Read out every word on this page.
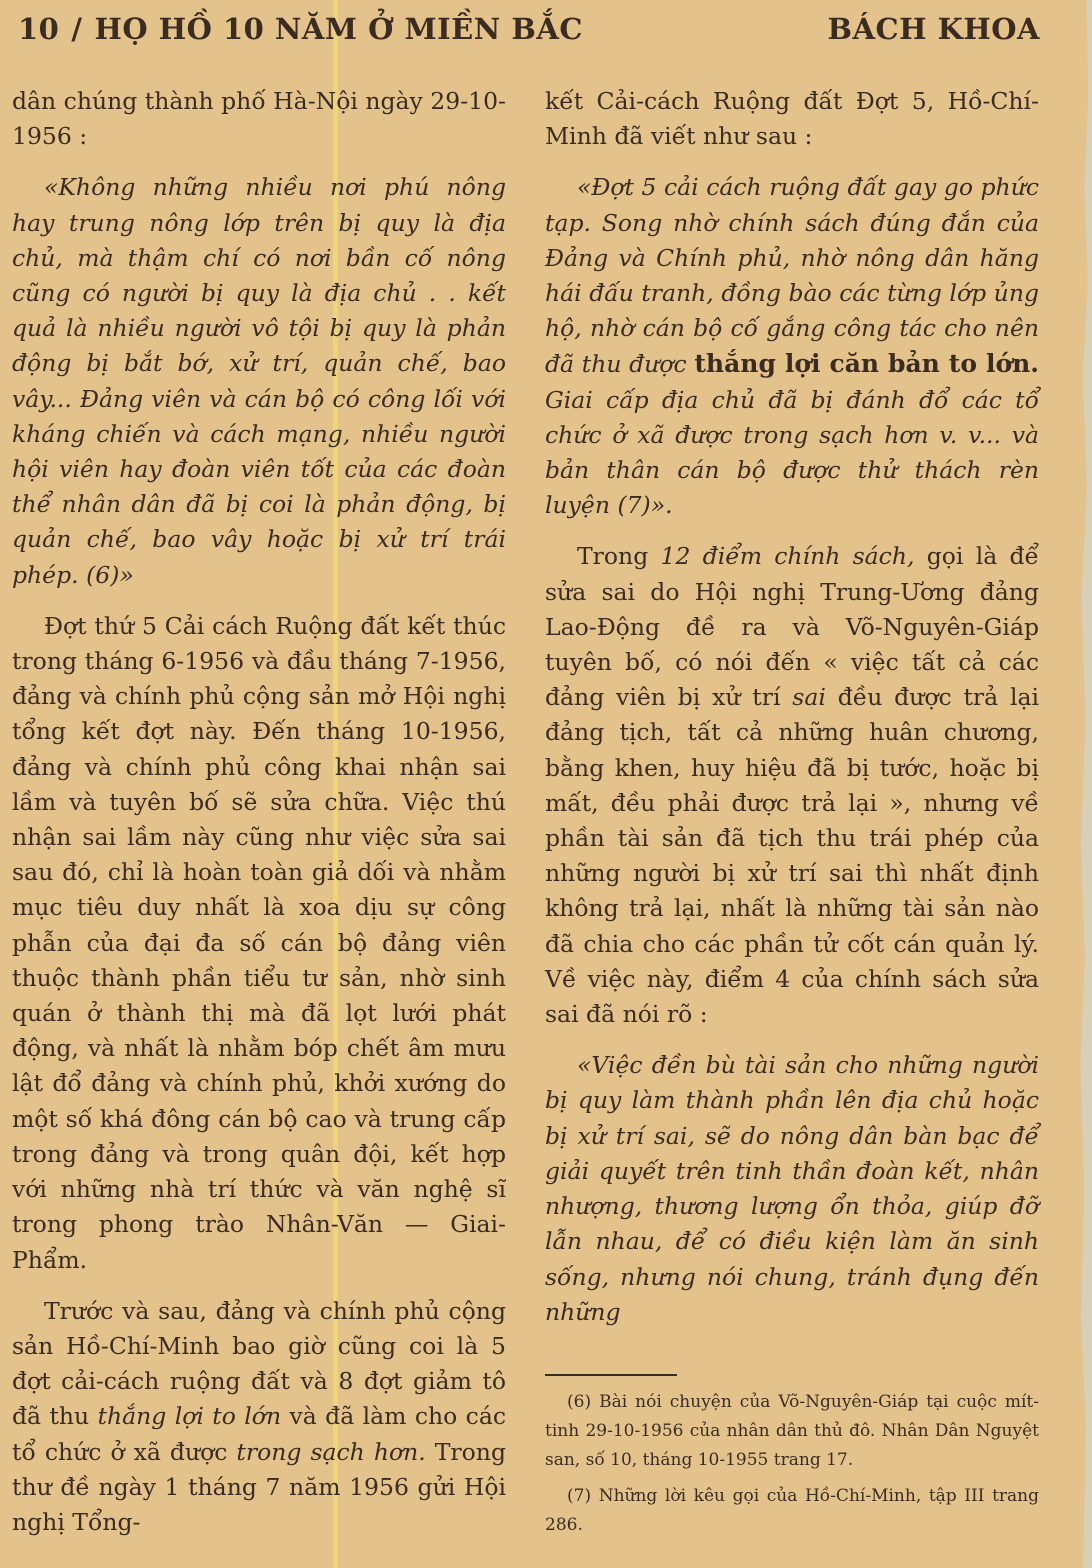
10 / HỌ HỒ 10 NĂM Ở MIỀN BẮC	BÁCH KHOA

dân chúng thành phố Hà-Nội ngày 29-10-1956 :

«Không những nhiều nơi phú nông hay trung nông lớp trên bị quy là địa chủ, mà thậm chí có nơi bần cố nông cũng có người bị quy là địa chủ . . kết quả là nhiều người vô tội bị quy là phản động bị bắt bớ, xử trí, quản chế, bao vây... Đảng viên và cán bộ có công lối với kháng chiến và cách mạng, nhiều người hội viên hay đoàn viên tốt của các đoàn thể nhân dân đã bị coi là phản động, bị quản chế, bao vây hoặc bị xử trí trái phép. (6)»

Đợt thứ 5 Cải cách Ruộng đất kết thúc trong tháng 6-1956 và đầu tháng 7-1956, đảng và chính phủ cộng sản mở Hội nghị tổng kết đợt này. Đến tháng 10-1956, đảng và chính phủ công khai nhận sai lầm và tuyên bố sẽ sửa chữa. Việc thú nhận sai lầm này cũng như việc sửa sai sau đó, chỉ là hoàn toàn giả dối và nhằm mục tiêu duy nhất là xoa dịu sự công phẫn của đại đa số cán bộ đảng viên thuộc thành phần tiểu tư sản, nhờ sinh quán ở thành thị mà đã lọt lưới phát động, và nhất là nhằm bóp chết âm mưu lật đổ đảng và chính phủ, khởi xướng do một số khá đông cán bộ cao và trung cấp trong đảng và trong quân đội, kết hợp với những nhà trí thức và văn nghệ sĩ trong phong trào Nhân-Văn — Giai-Phẩm.

Trước và sau, đảng và chính phủ cộng sản Hồ-Chí-Minh bao giờ cũng coi là 5 đợt cải-cách ruộng đất và 8 đợt giảm tô đã thu thắng lợi to lớn và đã làm cho các tổ chức ở xã được trong sạch hơn. Trong thư đề ngày 1 tháng 7 năm 1956 gửi Hội nghị Tổng-

kết Cải-cách Ruộng đất Đợt 5, Hồ-Chí-Minh đã viết như sau :

«Đợt 5 cải cách ruộng đất gay go phức tạp. Song nhờ chính sách đúng đắn của Đảng và Chính phủ, nhờ nông dân hăng hái đấu tranh, đồng bào các từng lớp ủng hộ, nhờ cán bộ cố gắng công tác cho nên đã thu được thắng lợi căn bản to lớn. Giai cấp địa chủ đã bị đánh đổ các tổ chức ở xã được trong sạch hơn v. v... và bản thân cán bộ được thử thách rèn luyện (7)».

Trong 12 điểm chính sách, gọi là để sửa sai do Hội nghị Trung-Ương đảng Lao-Động đề ra và Võ-Nguyên-Giáp tuyên bố, có nói đến « việc tất cả các đảng viên bị xử trí sai đều được trả lại đảng tịch, tất cả những huân chương, bằng khen, huy hiệu đã bị tước, hoặc bị mất, đều phải được trả lại », nhưng về phần tài sản đã tịch thu trái phép của những người bị xử trí sai thì nhất định không trả lại, nhất là những tài sản nào đã chia cho các phần tử cốt cán quản lý. Về việc này, điểm 4 của chính sách sửa sai đã nói rõ :

«Việc đền bù tài sản cho những người bị quy làm thành phần lên địa chủ hoặc bị xử trí sai, sẽ do nông dân bàn bạc để giải quyết trên tinh thần đoàn kết, nhân nhượng, thương lượng ổn thỏa, giúp đỡ lẫn nhau, để có điều kiện làm ăn sinh sống, nhưng nói chung, tránh đụng đến những

(6) Bài nói chuyện của Võ-Nguyên-Giáp tại cuộc mít-tinh 29-10-1956 của nhân dân thủ đô. Nhân Dân Nguyệt san, số 10, tháng 10-1955 trang 17.

(7) Những lời kêu gọi của Hồ-Chí-Minh, tập III trang 286.
